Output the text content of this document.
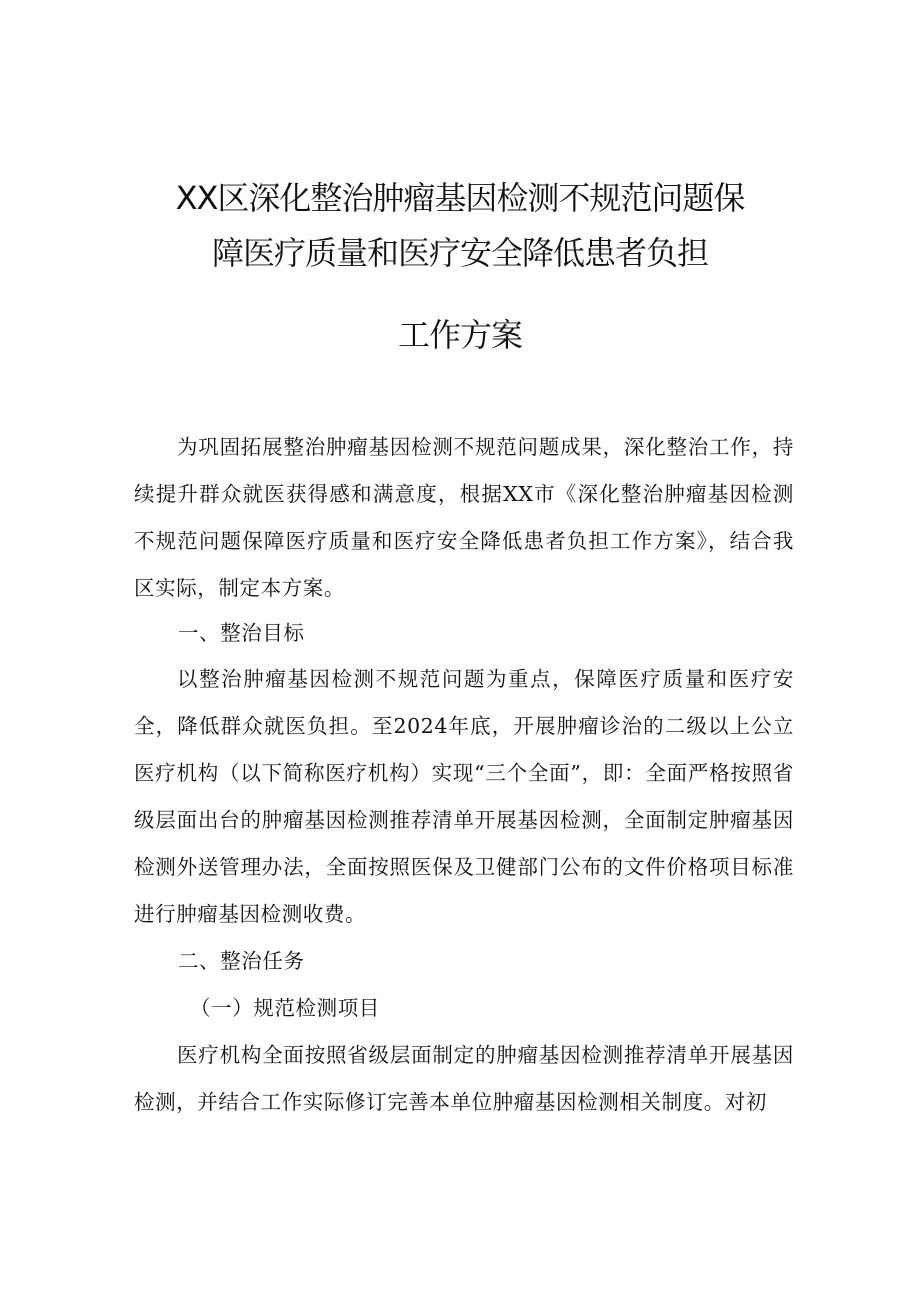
XX区深化整治肿瘤基因检测不规范问题保
障医疗质量和医疗安全降低患者负担
工作方案

为巩固拓展整治肿瘤基因检测不规范问题成果，深化整治工作，持续提升群众就医获得感和满意度，根据XX市《深化整治肿瘤基因检测不规范问题保障医疗质量和医疗安全降低患者负担工作方案》，结合我区实际，制定本方案。

一、整治目标

以整治肿瘤基因检测不规范问题为重点，保障医疗质量和医疗安全，降低群众就医负担。至2024年底，开展肿瘤诊治的二级以上公立医疗机构（以下简称医疗机构）实现“三个全面”，即：全面严格按照省级层面出台的肿瘤基因检测推荐清单开展基因检测，全面制定肿瘤基因检测外送管理办法，全面按照医保及卫健部门公布的文件价格项目标准进行肿瘤基因检测收费。

二、整治任务

（一）规范检测项目

医疗机构全面按照省级层面制定的肿瘤基因检测推荐清单开展基因检测，并结合工作实际修订完善本单位肿瘤基因检测相关制度。对初
